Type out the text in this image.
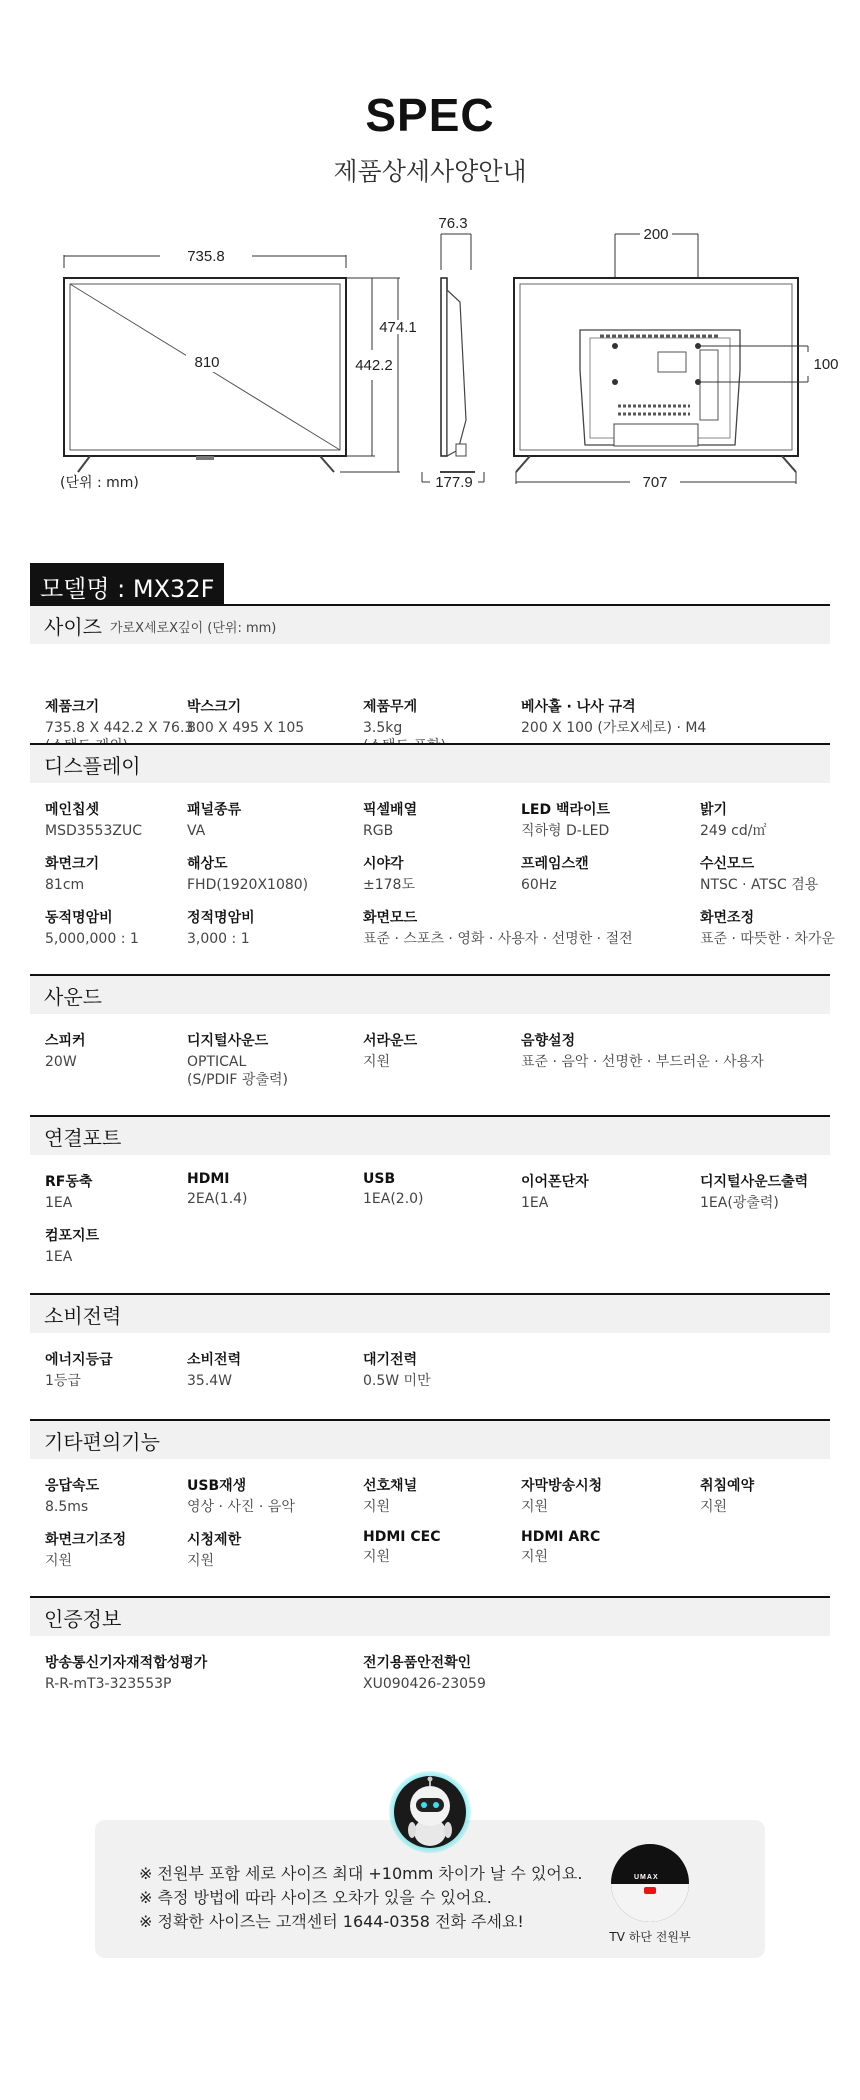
SPEC
제품상세사양안내
735.8
810	442.2
474.1
76.3
177.9
200
100
707
(단위 : mm)
모델명 : MX32F
사이즈 가로X세로X깊이 (단위: mm)
제품크기
735.8 X 442.2 X 76.3
박스크기
800 X 495 X 105
제품무게
3.5kg
베사홀 · 나사 규격
200 X 100 (가로X세로) · M4
디스플레이
메인칩셋
MSD3553ZUC
패널종류
VA
픽셀배열
RGB
LED 백라이트
직하형 D-LED
밝기
249 cd/㎡
화면크기
81cm
해상도
FHD(1920X1080)
시야각
±178도
프레임스캔
60Hz
수신모드
NTSC · ATSC 겸용
동적명암비
5,000,000 : 1
정적명암비
3,000 : 1
화면모드
표준 · 스포츠 · 영화 · 사용자 · 선명한 · 절전
화면조정
표준 · 따뜻한 · 차가운
사운드
스피커
20W
디지털사운드
OPTICAL
(S/PDIF 광출력)
서라운드
지원
음향설정
표준 · 음악 · 선명한 · 부드러운 · 사용자
연결포트
RF동축
1EA
HDMI
2EA(1.4)
USB
1EA(2.0)
이어폰단자
1EA
디지털사운드출력
1EA(광출력)
컴포지트
1EA
소비전력
에너지등급
1등급
소비전력
35.4W
대기전력
0.5W 미만
기타편의기능
응답속도
8.5ms
USB재생
영상 · 사진 · 음악
선호채널
지원
자막방송시청
지원
취침예약
지원
화면크기조정
지원
시청제한
지원
HDMI CEC
지원
HDMI ARC
지원
인증정보
방송통신기자재적합성평가
R-R-mT3-323553P
전기용품안전확인
XU090426-23059
※ 전원부 포함 세로 사이즈 최대 +10mm 차이가 날 수 있어요.
※ 측정 방법에 따라 사이즈 오차가 있을 수 있어요.
※ 정확한 사이즈는 고객센터 1644-0358 전화 주세요!
UMAX
TV 하단 전원부
